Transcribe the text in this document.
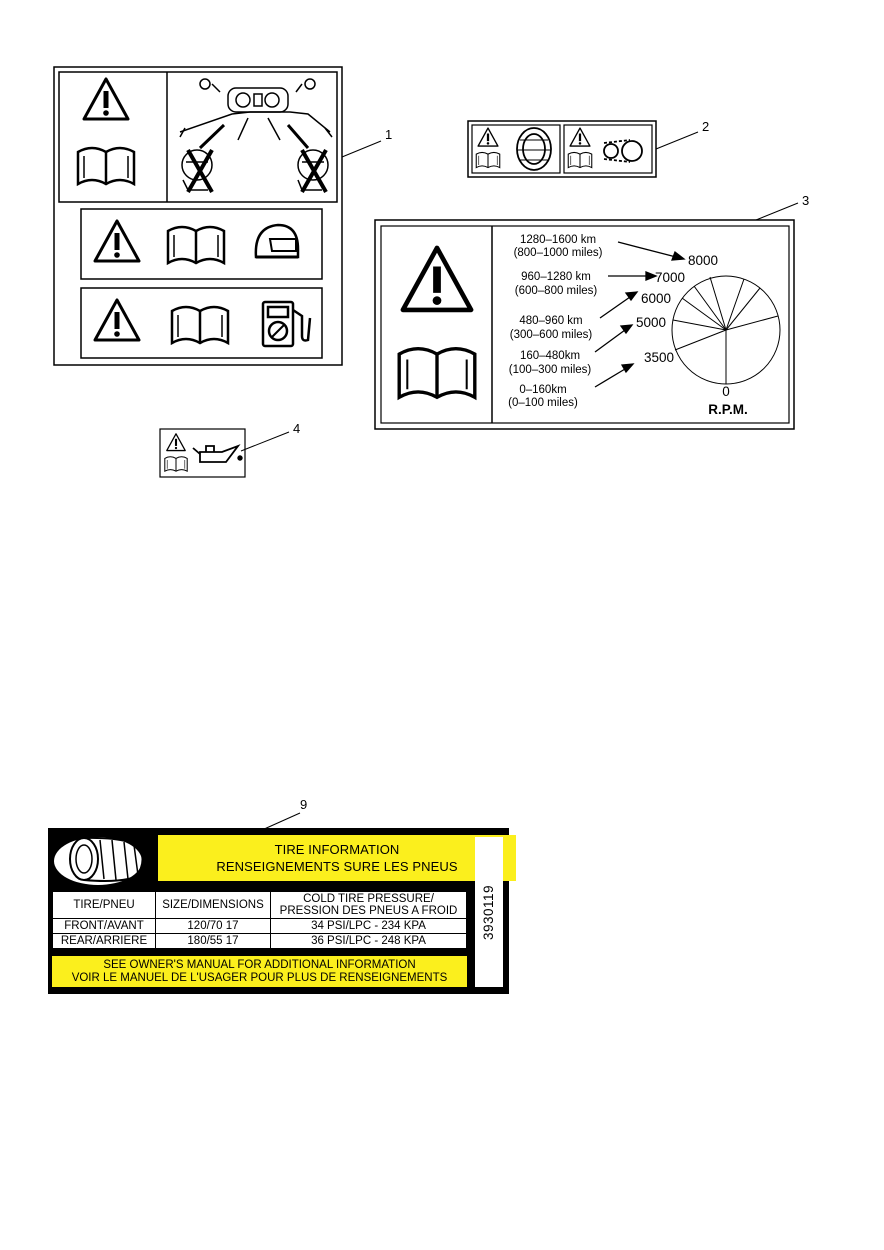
1280–1600 km
(800–1000 miles)
960–1280 km
(600–800 miles)
480–960 km
(300–600 miles)
160–480km
(100–300 miles)
0–160km
(0–100 miles)
8000
7000
6000
5000
3500
0
R.P.M.
1
2
3
4
9
TIRE INFORMATION
RENSEIGNEMENTS SURE LES PNEUS
TIRE/PNEU	SIZE/DIMENSIONS	COLD TIRE PRESSURE/
PRESSION DES PNEUS A FROID

FRONT/AVANT	120/70 17	34 PSI/LPC - 234 KPA
REAR/ARRIERE	180/55 17	36 PSI/LPC - 248 KPA
SEE OWNER'S MANUAL FOR ADDITIONAL INFORMATION
VOIR LE MANUEL DE L'USAGER POUR PLUS DE RENSEIGNEMENTS
3930119
